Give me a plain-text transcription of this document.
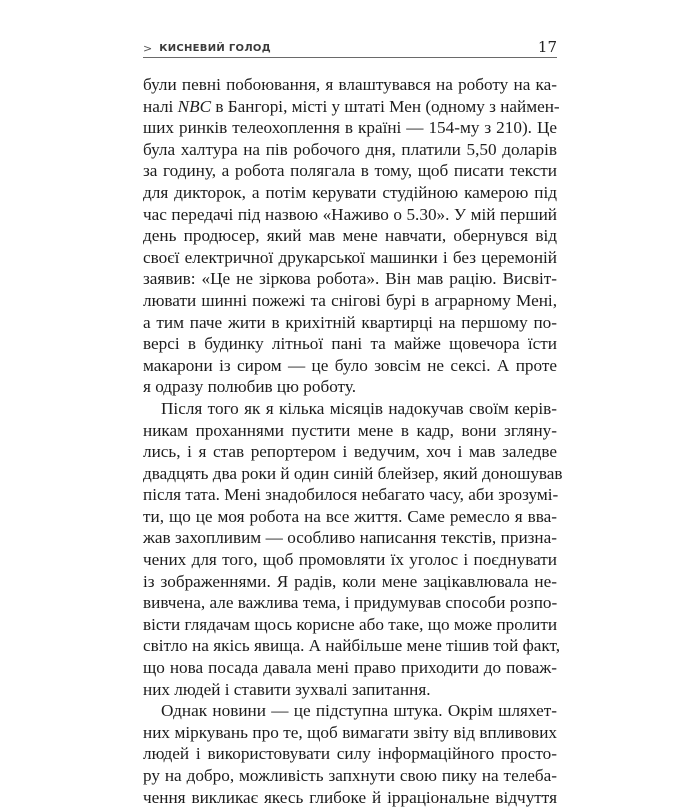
> КИСНЕВИЙ ГОЛОД	17
були певні побоювання, я влаштувався на роботу на ка-
налі NBC в Бангорі, місті у штаті Мен (одному з наймен-
ших ринків телеохоплення в країні — 154-му з 210). Це
була халтура на пів робочого дня, платили 5,50 доларів
за годину, а робота полягала в тому, щоб писати тексти
для дикторок, а потім керувати студійною камерою під
час передачі під назвою «Наживо о 5.30». У мій перший
день продюсер, який мав мене навчати, обернувся від
своєї електричної друкарської машинки і без церемоній
заявив: «Це не зіркова робота». Він мав рацію. Висвіт-
лювати шинні пожежі та снігові бурі в аграрному Мені,
а тим паче жити в крихітній квартирці на першому по-
версі в будинку літньої пані та майже щовечора їсти
макарони із сиром — це було зовсім не сексі. А проте
я одразу полюбив цю роботу.
Після того як я кілька місяців надокучав своїм керів-
никам проханнями пустити мене в кадр, вони згляну-
лись, і я став репортером і ведучим, хоч і мав заледве
двадцять два роки й один синій блейзер, який доношував
після тата. Мені знадобилося небагато часу, аби зрозумі-
ти, що це моя робота на все життя. Саме ремесло я вва-
жав захопливим — особливо написання текстів, призна-
чених для того, щоб промовляти їх уголос і поєднувати
із зображеннями. Я радів, коли мене зацікавлювала не-
вивчена, але важлива тема, і придумував способи розпо-
вісти глядачам щось корисне або таке, що може пролити
світло на якісь явища. А найбільше мене тішив той факт,
що нова посада давала мені право приходити до поваж-
них людей і ставити зухвалі запитання.
Однак новини — це підступна штука. Окрім шляхет-
них міркувань про те, щоб вимагати звіту від впливових
людей і використовувати силу інформаційного просто-
ру на добро, можливість запхнути свою пику на телеба-
чення викликає якесь глибоке й ірраціональне відчуття
